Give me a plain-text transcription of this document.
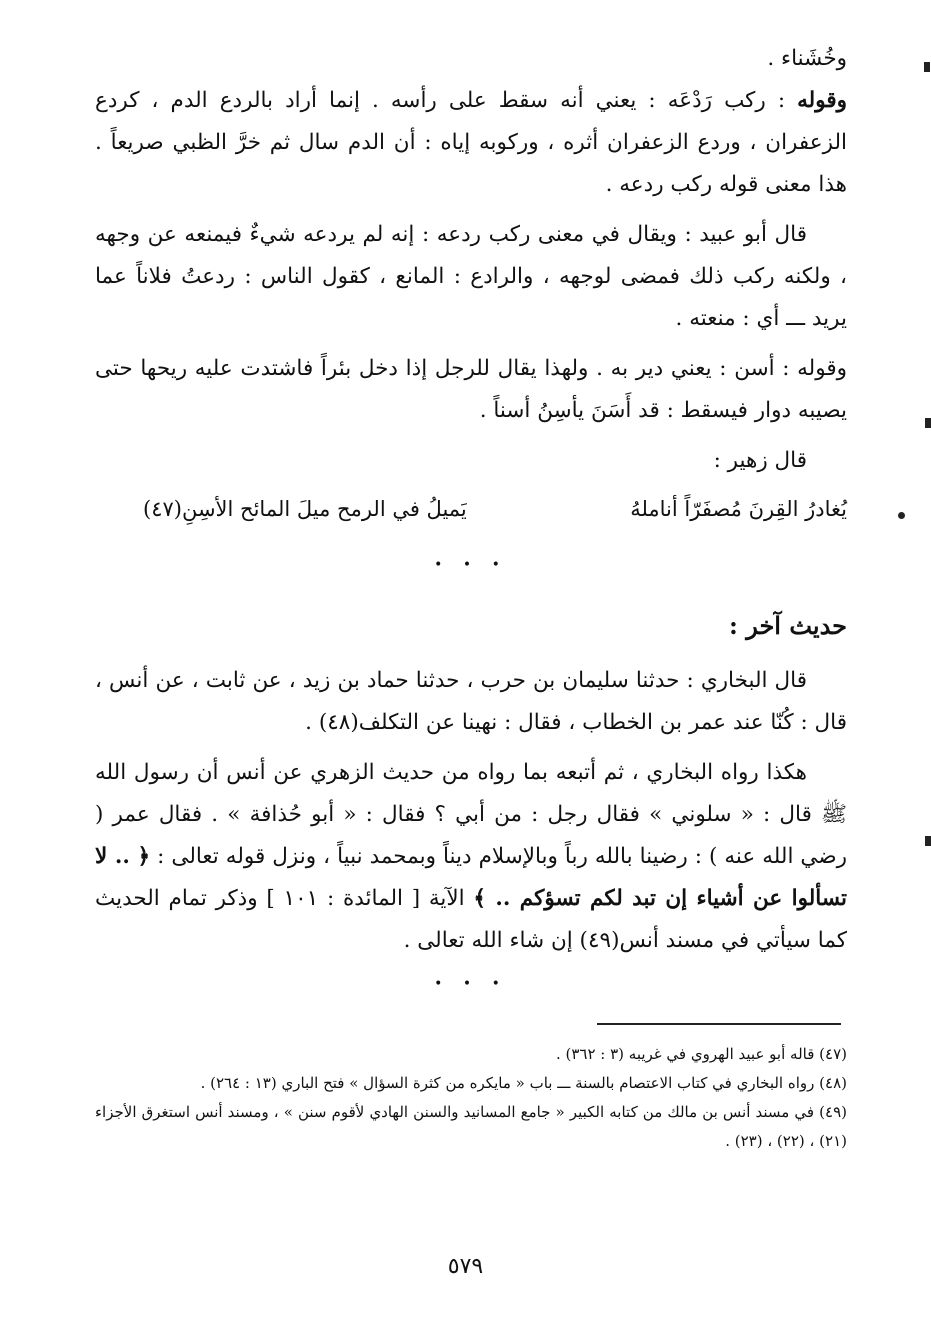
وخُشَناء .

وقوله : ركب رَدْعَه : يعني أنه سقط على رأسه . إنما أراد بالردع الدم ، كردع الزعفران ، وردع الزعفران أثره ، وركوبه إياه : أن الدم سال ثم خرَّ الظبي صريعاً . هذا معنى قوله ركب ردعه .

قال أبو عبيد : ويقال في معنى ركب ردعه : إنه لم يردعه شيءٌ فيمنعه عن وجهه ، ولكنه ركب ذلك فمضى لوجهه ، والرادع : المانع ، كقول الناس : ردعتُ فلاناً عما يريد ـــ أي : منعته .

وقوله : أسن : يعني دير به . ولهذا يقال للرجل إذا دخل بئراً فاشتدت عليه ريحها حتى يصيبه دوار فيسقط : قد أَسَنَ يأسِنُ أسناً .

قال زهير :

يُغادرُ القِرنَ مُصفَرّاً أناملهُ
يَميلُ في الرمح ميلَ المائح الأسِنِ(٤٧)
• • •

حديث آخر :

قال البخاري : حدثنا سليمان بن حرب ، حدثنا حماد بن زيد ، عن ثابت ، عن أنس ، قال : كُنّا عند عمر بن الخطاب ، فقال : نهينا عن التكلف(٤٨) .

هكذا رواه البخاري ، ثم أتبعه بما رواه من حديث الزهري عن أنس أن رسول الله ﷺ قال : « سلوني » فقال رجل : من أبي ؟ فقال : « أبو حُذافة » . فقال عمر ( رضي الله عنه ) : رضينا بالله رباً وبالإسلام ديناً وبمحمد نبياً ، ونزل قوله تعالى : ﴿ .. لا تسألوا عن أشياء إن تبد لكم تسؤكم .. ﴾ الآية [ المائدة : ١٠١ ] وذكر تمام الحديث كما سيأتي في مسند أنس(٤٩) إن شاء الله تعالى .

• • •

(٤٧) قاله أبو عبيد الهروي في غريبه (٣ : ٣٦٢) .

(٤٨) رواه البخاري في كتاب الاعتصام بالسنة ـــ باب « مايكره من كثرة السؤال » فتح الباري (١٣ : ٢٦٤) .

(٤٩) في مسند أنس بن مالك من كتابه الكبير « جامع المسانيد والسنن الهادي لأقوم سنن » ، ومسند أنس استغرق الأجزاء (٢١) ، (٢٢) ، (٢٣) .

٥٧٩
